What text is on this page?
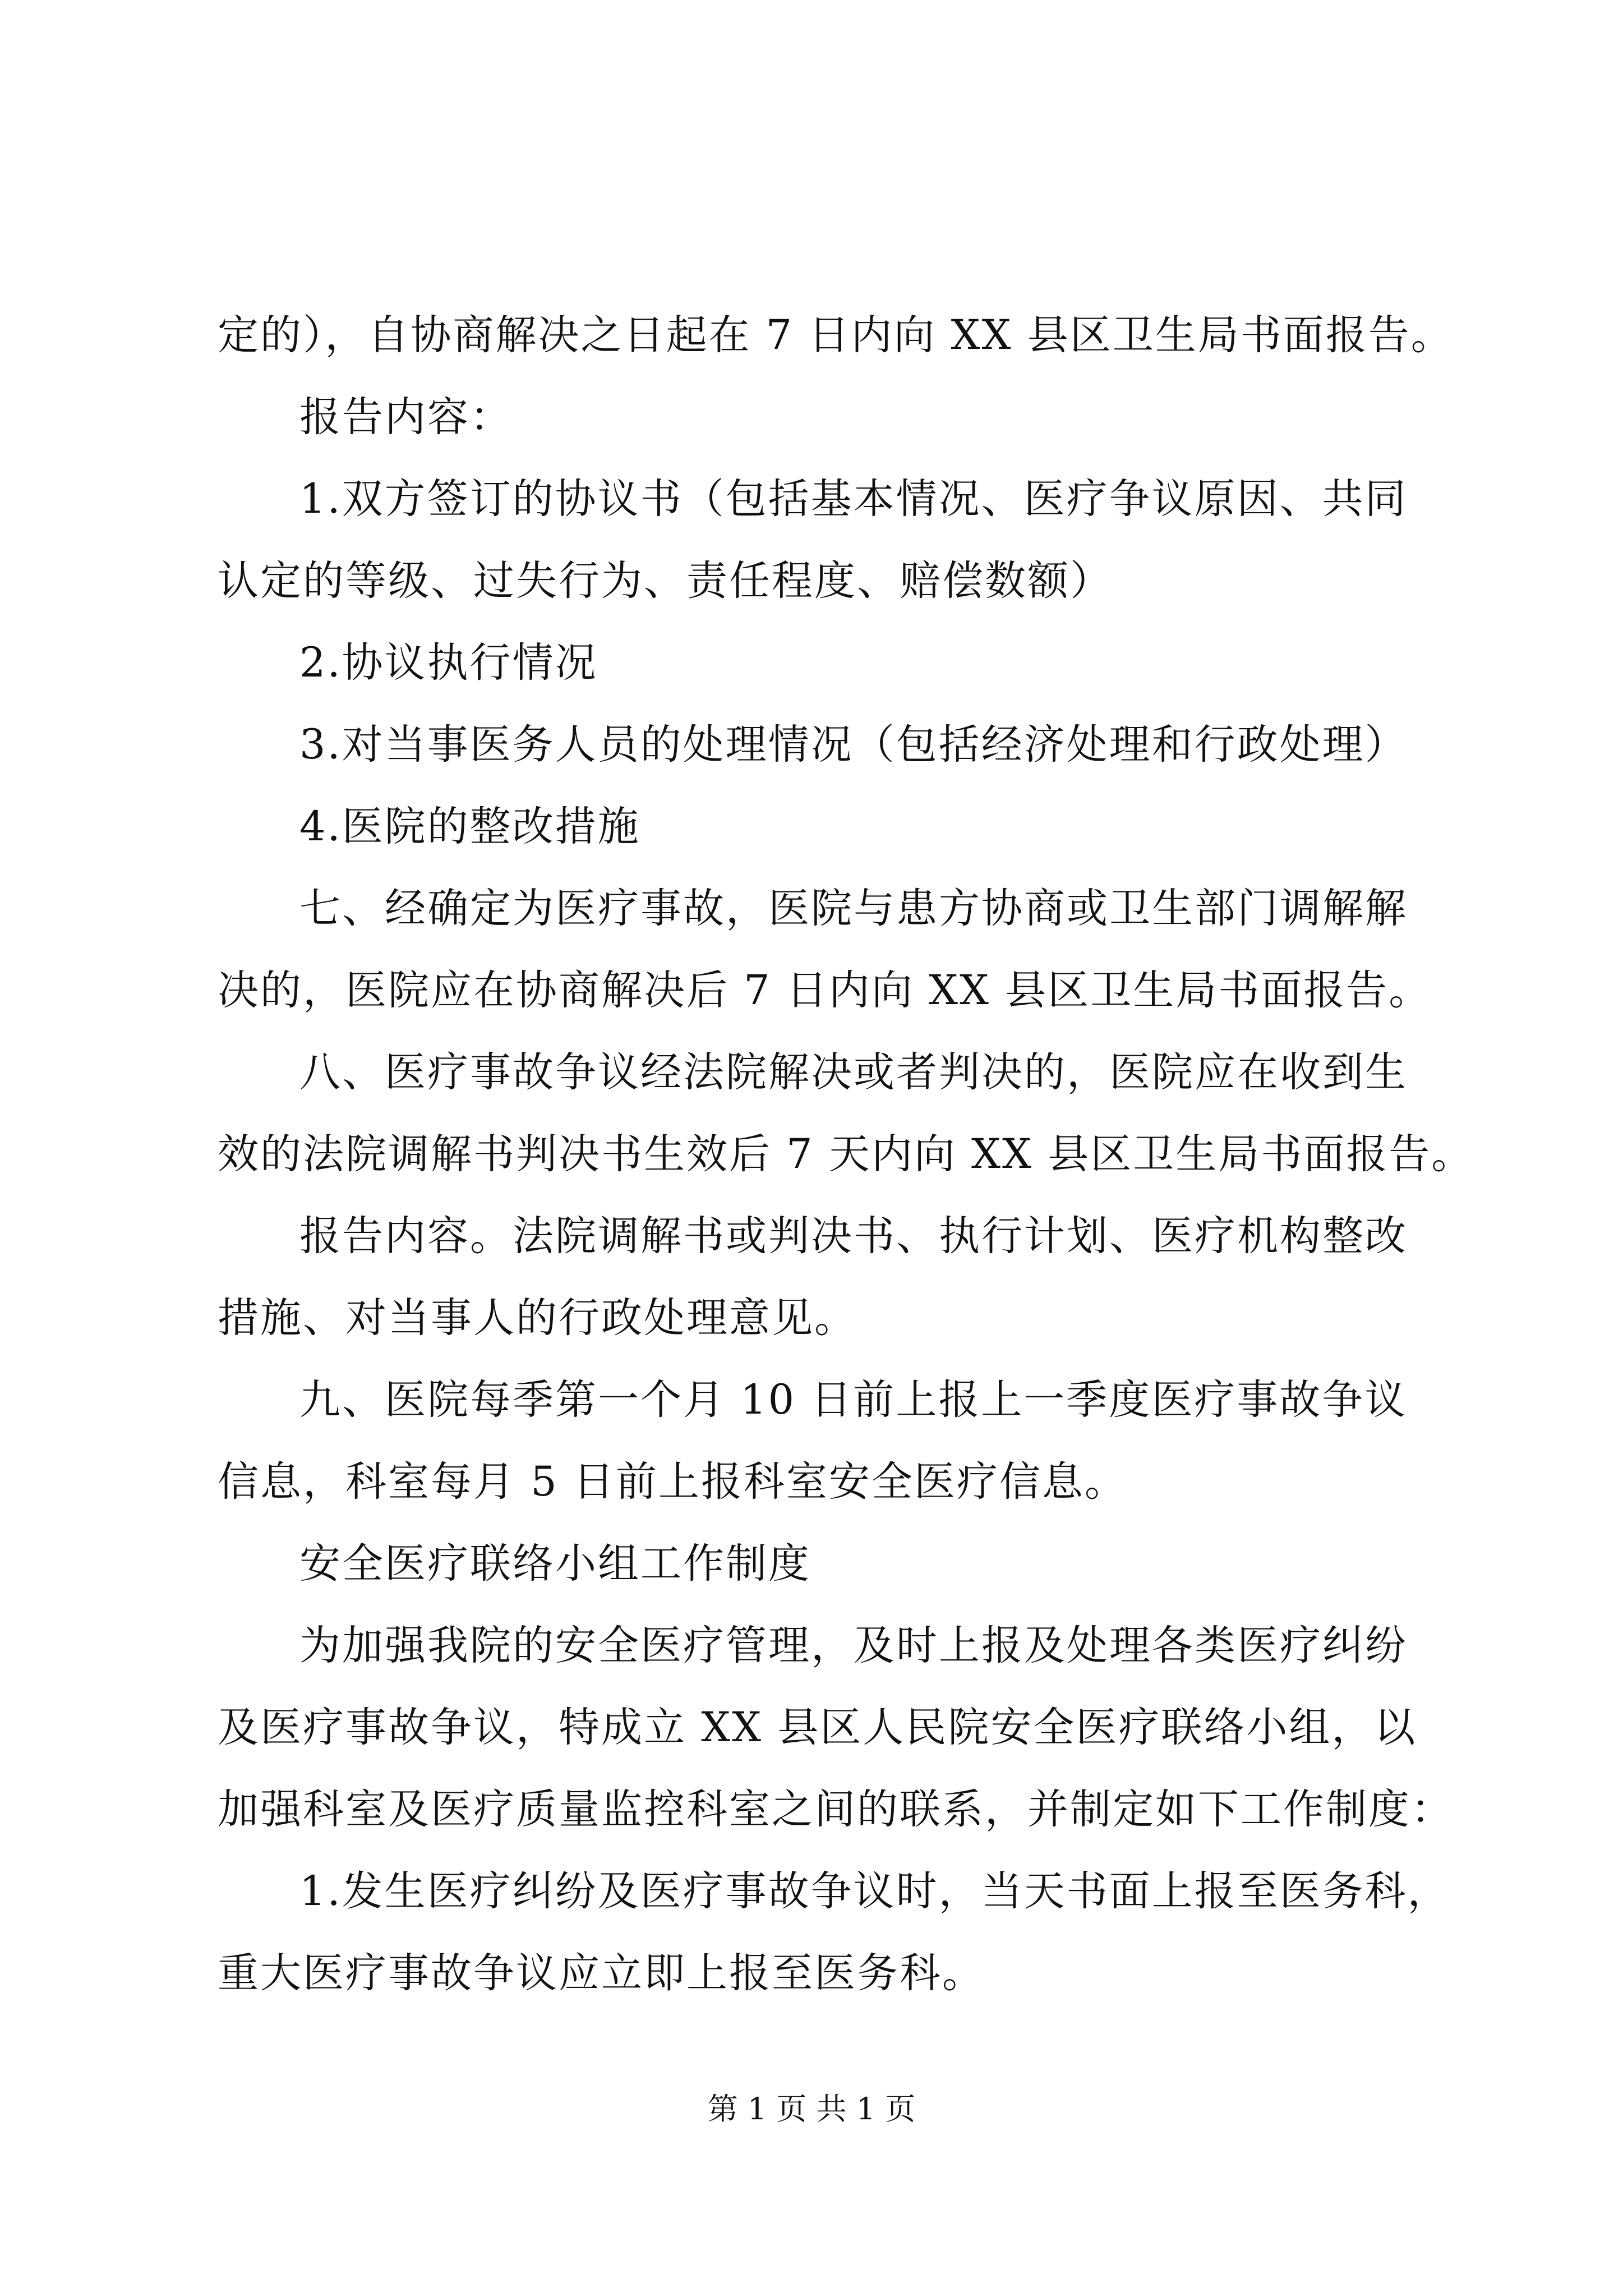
定的），自协商解决之日起在 7 日内向 XX 县区卫生局书面报告。
报告内容：
1.双方签订的协议书（包括基本情况、医疗争议原因、共同
认定的等级、过失行为、责任程度、赔偿数额）
2.协议执行情况
3.对当事医务人员的处理情况（包括经济处理和行政处理）
4.医院的整改措施
七、经确定为医疗事故，医院与患方协商或卫生部门调解解
决的，医院应在协商解决后 7 日内向 XX 县区卫生局书面报告。
八、医疗事故争议经法院解决或者判决的，医院应在收到生
效的法院调解书判决书生效后 7 天内向 XX 县区卫生局书面报告。
报告内容。法院调解书或判决书、执行计划、医疗机构整改
措施、对当事人的行政处理意见。
九、医院每季第一个月 10 日前上报上一季度医疗事故争议
信息，科室每月 5 日前上报科室安全医疗信息。
安全医疗联络小组工作制度
为加强我院的安全医疗管理，及时上报及处理各类医疗纠纷
及医疗事故争议，特成立 XX 县区人民院安全医疗联络小组，以
加强科室及医疗质量监控科室之间的联系，并制定如下工作制度：
1.发生医疗纠纷及医疗事故争议时，当天书面上报至医务科，
重大医疗事故争议应立即上报至医务科。
第 1 页 共 1 页
